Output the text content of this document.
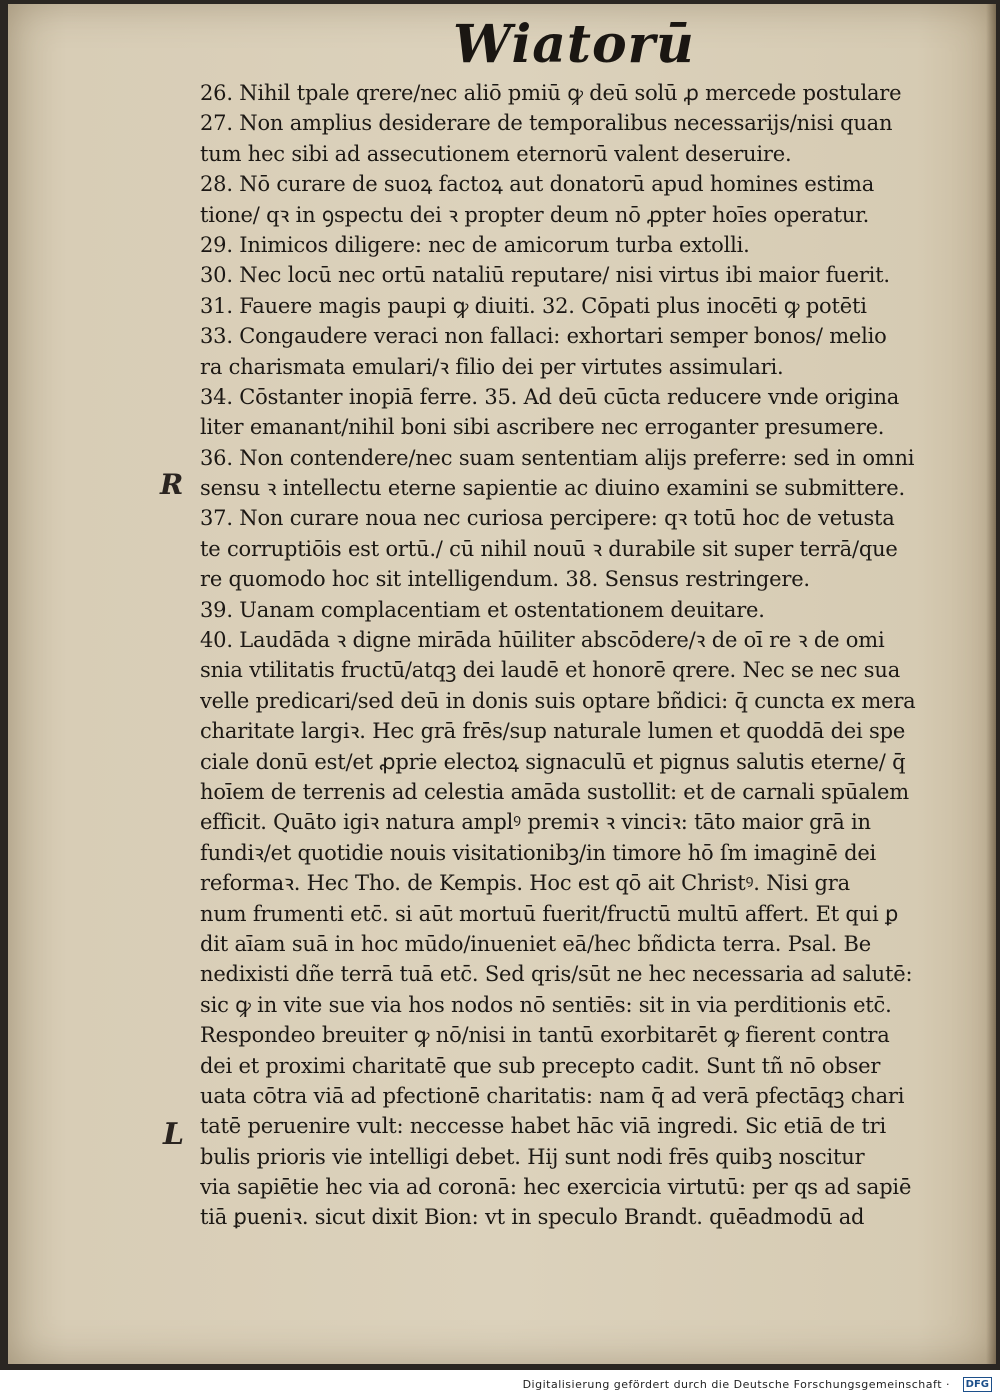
Wiatorū
R
L
26. Nihil tpale qrere/nec aliō pmiū ꝙ deū solū ꝓ mercede postulare
27. Non amplius desiderare de temporalibus necessarijs/nisi quan
tum hec sibi ad assecutionem eternorū valent deseruire.
28. Nō curare de suoꝝ factoꝝ aut donatorū apud homines estima
tione/ qꝛ in ꝯspectu dei ꝛ propter deum nō ꝓpter hoīes operatur.
29. Inimicos diligere: nec de amicorum turba extolli.
30. Nec locū nec ortū nataliū reputare/ nisi virtus ibi maior fuerit.
31. Fauere magis paupi ꝙ diuiti. 32. Cōpati plus inocēti ꝙ potēti
33. Congaudere veraci non fallaci: exhortari semper bonos/ melio
ra charismata emulari/ꝛ filio dei per virtutes assimulari.
34. Cōstanter inopiā ferre. 35. Ad deū cūcta reducere vnde origina
liter emanant/nihil boni sibi ascribere nec erroganter presumere.
36. Non contendere/nec suam sententiam alijs preferre: sed in omni
sensu ꝛ intellectu eterne sapientie ac diuino examini se submittere.
37. Non curare noua nec curiosa percipere: qꝛ totū hoc de vetusta
te corruptiōis est ortū./ cū nihil nouū ꝛ durabile sit super terrā/que
re quomodo hoc sit intelligendum. 38. Sensus restringere.
39. Uanam complacentiam et ostentationem deuitare.
40. Laudāda ꝛ digne mirāda hūiliter abscōdere/ꝛ de oī re ꝛ de omi
snia vtilitatis fructū/atqꝫ dei laudē et honorē qrere. Nec se nec sua
velle predicari/sed deū in donis suis optare bñdici: q̄ cuncta ex mera
charitate largiꝛ. Hec grā frēs/sup naturale lumen et quoddā dei spe
ciale donū est/et ꝓprie electoꝝ signaculū et pignus salutis eterne/ q̄
hoīem de terrenis ad celestia amāda sustollit: et de carnali spūalem
efficit. Quāto igiꝛ natura amplꝰ premiꝛ ꝛ vinciꝛ: tāto maior grā in
fundiꝛ/et quotidie nouis visitationibꝫ/in timore hō ſm imaginē dei
reformaꝛ. Hec Tho. de Kempis. Hoc est qō ait Christꝰ. Nisi gra
num frumenti etc̄. si aūt mortuū fuerit/fructū multū affert. Et qui ꝑ
dit aīam suā in hoc mūdo/inueniet eā/hec bñdicta terra. Psal. Be
nedixisti dñe terrā tuā etc̄. Sed qris/sūt ne hec necessaria ad salutē:
sic ꝙ in vite sue via hos nodos nō sentiēs: sit in via perditionis etc̄.
Respondeo breuiter ꝙ nō/nisi in tantū exorbitarēt ꝙ fierent contra
dei et proximi charitatē que sub precepto cadit. Sunt tñ nō obser
uata cōtra viā ad pfectionē charitatis: nam q̄ ad verā pfectāqꝫ chari
tatē peruenire vult: neccesse habet hāc viā ingredi. Sic etiā de tri
bulis prioris vie intelligi debet. Hij sunt nodi frēs quibꝫ noscitur
via sapiētie hec via ad coronā: hec exercicia virtutū: per qs ad sapiē
tiā ꝑueniꝛ. sicut dixit Bion: vt in speculo Brandt. quēadmodū ad
Digitalisierung gefördert durch die Deutsche Forschungsgemeinschaft ·	DFG
